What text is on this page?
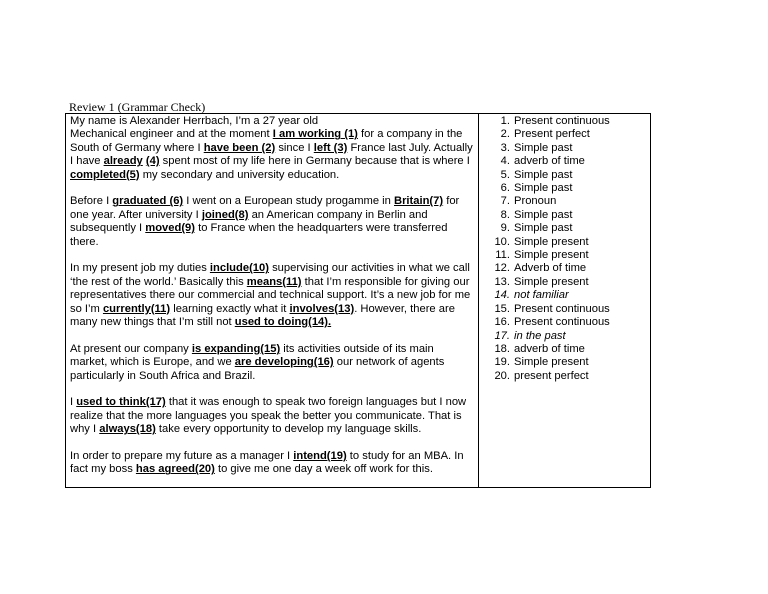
Review 1 (Grammar Check)

My name is Alexander Herrbach, I’m a 27 year old
Mechanical engineer and at the moment I am working (1) for a company in the South of Germany where I have been (2) since I left (3) France last July. Actually I have already (4) spent most of my life here in Germany because that is where I completed(5) my secondary and university education.

Before I graduated (6) I went on a European study progamme in Britain(7) for one year. After university I joined(8) an American company in Berlin and subsequently I moved(9) to France when the headquarters were transferred there.

In my present job my duties include(10) supervising our activities in what we call ‘the rest of the world.’ Basically this means(11) that I’m responsible for giving our representatives there our commercial and technical support. It’s a new job for me so I’m currently(11) learning exactly what it involves(13). However, there are many new things that I’m still not used to doing(14).

At present our company is expanding(15) its activities outside of its main market, which is Europe, and we are developing(16) our network of agents particularly in South Africa and Brazil.

I used to think(17) that it was enough to speak two foreign languages but I now realize that the more languages you speak the better you communicate. That is why I always(18) take every opportunity to develop my language skills.

In order to prepare my future as a manager I intend(19) to study for an MBA. In fact my boss has agreed(20) to give me one day a week off work for this.

1. Present continuous
2. Present perfect
3. Simple past
4. adverb of time
5. Simple past
6. Simple past
7. Pronoun
8. Simple past
9. Simple past
10. Simple present
11. Simple present
12. Adverb of time
13. Simple present
14. not familiar
15. Present continuous
16. Present continuous
17. in the past
18. adverb of time
19. Simple present
20. present perfect
